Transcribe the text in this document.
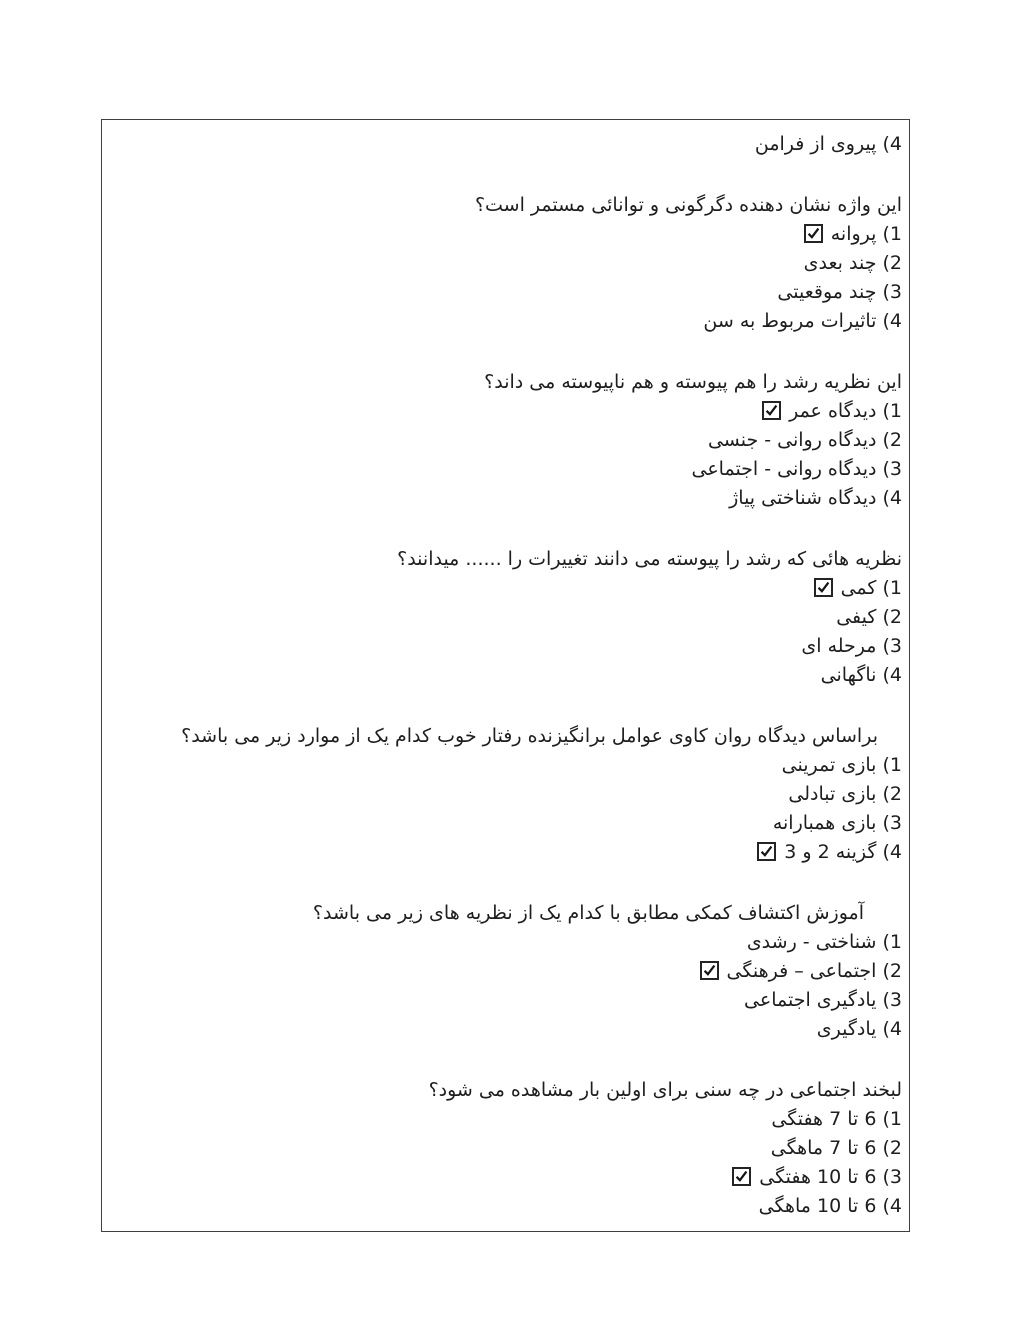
4) پیروی از فرامن

این واژه نشان دهنده دگرگونی و توانائی مستمر است؟

1) پروانه

2) چند بعدی

3) چند موقعیتی

4) تاثیرات مربوط به سن

این نظریه رشد را هم پیوسته و هم ناپیوسته می داند؟

1) دیدگاه عمر

2) دیدگاه روانی - جنسی

3) دیدگاه روانی - اجتماعی

4) دیدگاه شناختی پیاژ

نظریه هائی که رشد را پیوسته می دانند تغییرات را ...... میدانند؟

1) کمی

2) کیفی

3) مرحله ای

4) ناگهانی

براساس دیدگاه روان کاوی عوامل برانگیزنده رفتار خوب کدام یک از موارد زیر می باشد؟

1) بازی تمرینی

2) بازی تبادلی

3) بازی همبارانه

4) گزینه 2 و 3

آموزش اکتشاف کمکی مطابق با کدام یک از نظریه های زیر می باشد؟

1) شناختی - رشدی

2) اجتماعی – فرهنگی

3) یادگیری اجتماعی

4) یادگیری

لبخند اجتماعی در چه سنی برای اولین بار مشاهده می شود؟

1) 6 تا 7 هفتگی

2) 6 تا 7 ماهگی

3) 6 تا 10 هفتگی

4) 6 تا 10 ماهگی
